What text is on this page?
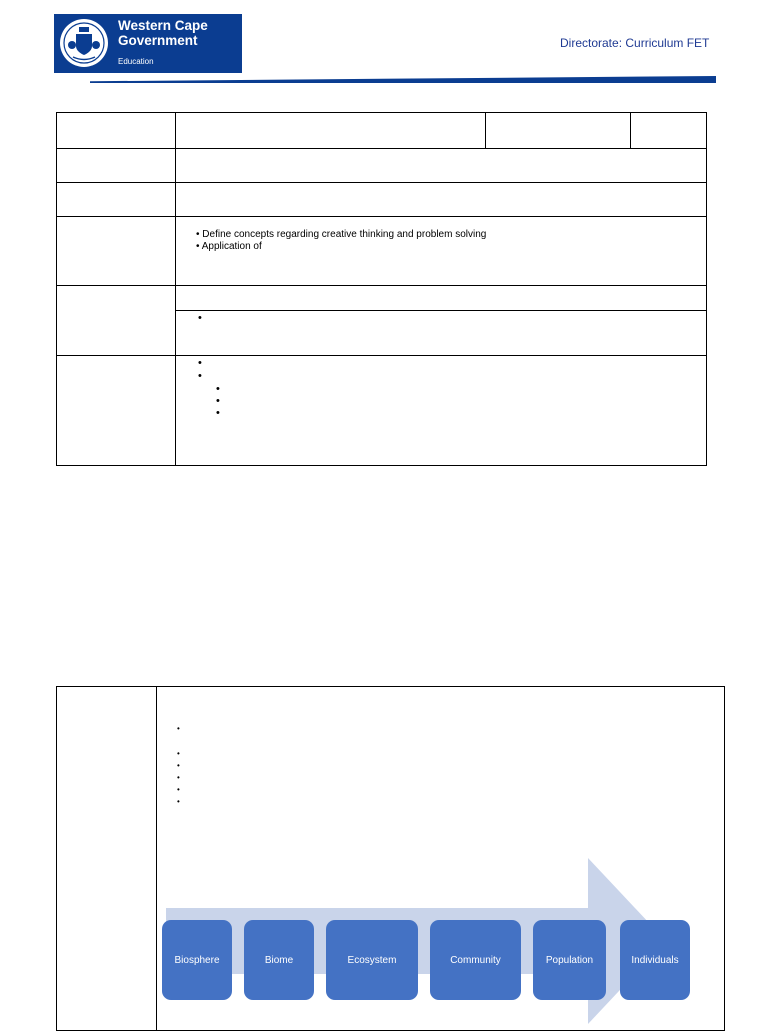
Western Cape
Government
Education
Directorate: Curriculum FET
• Define concepts regarding creative thinking and problem solving
• Application of
•
•
•
•
•
•
•
•
•
•
•
•
Biosphere	Biome	Ecosystem	Community	Population	Individuals
